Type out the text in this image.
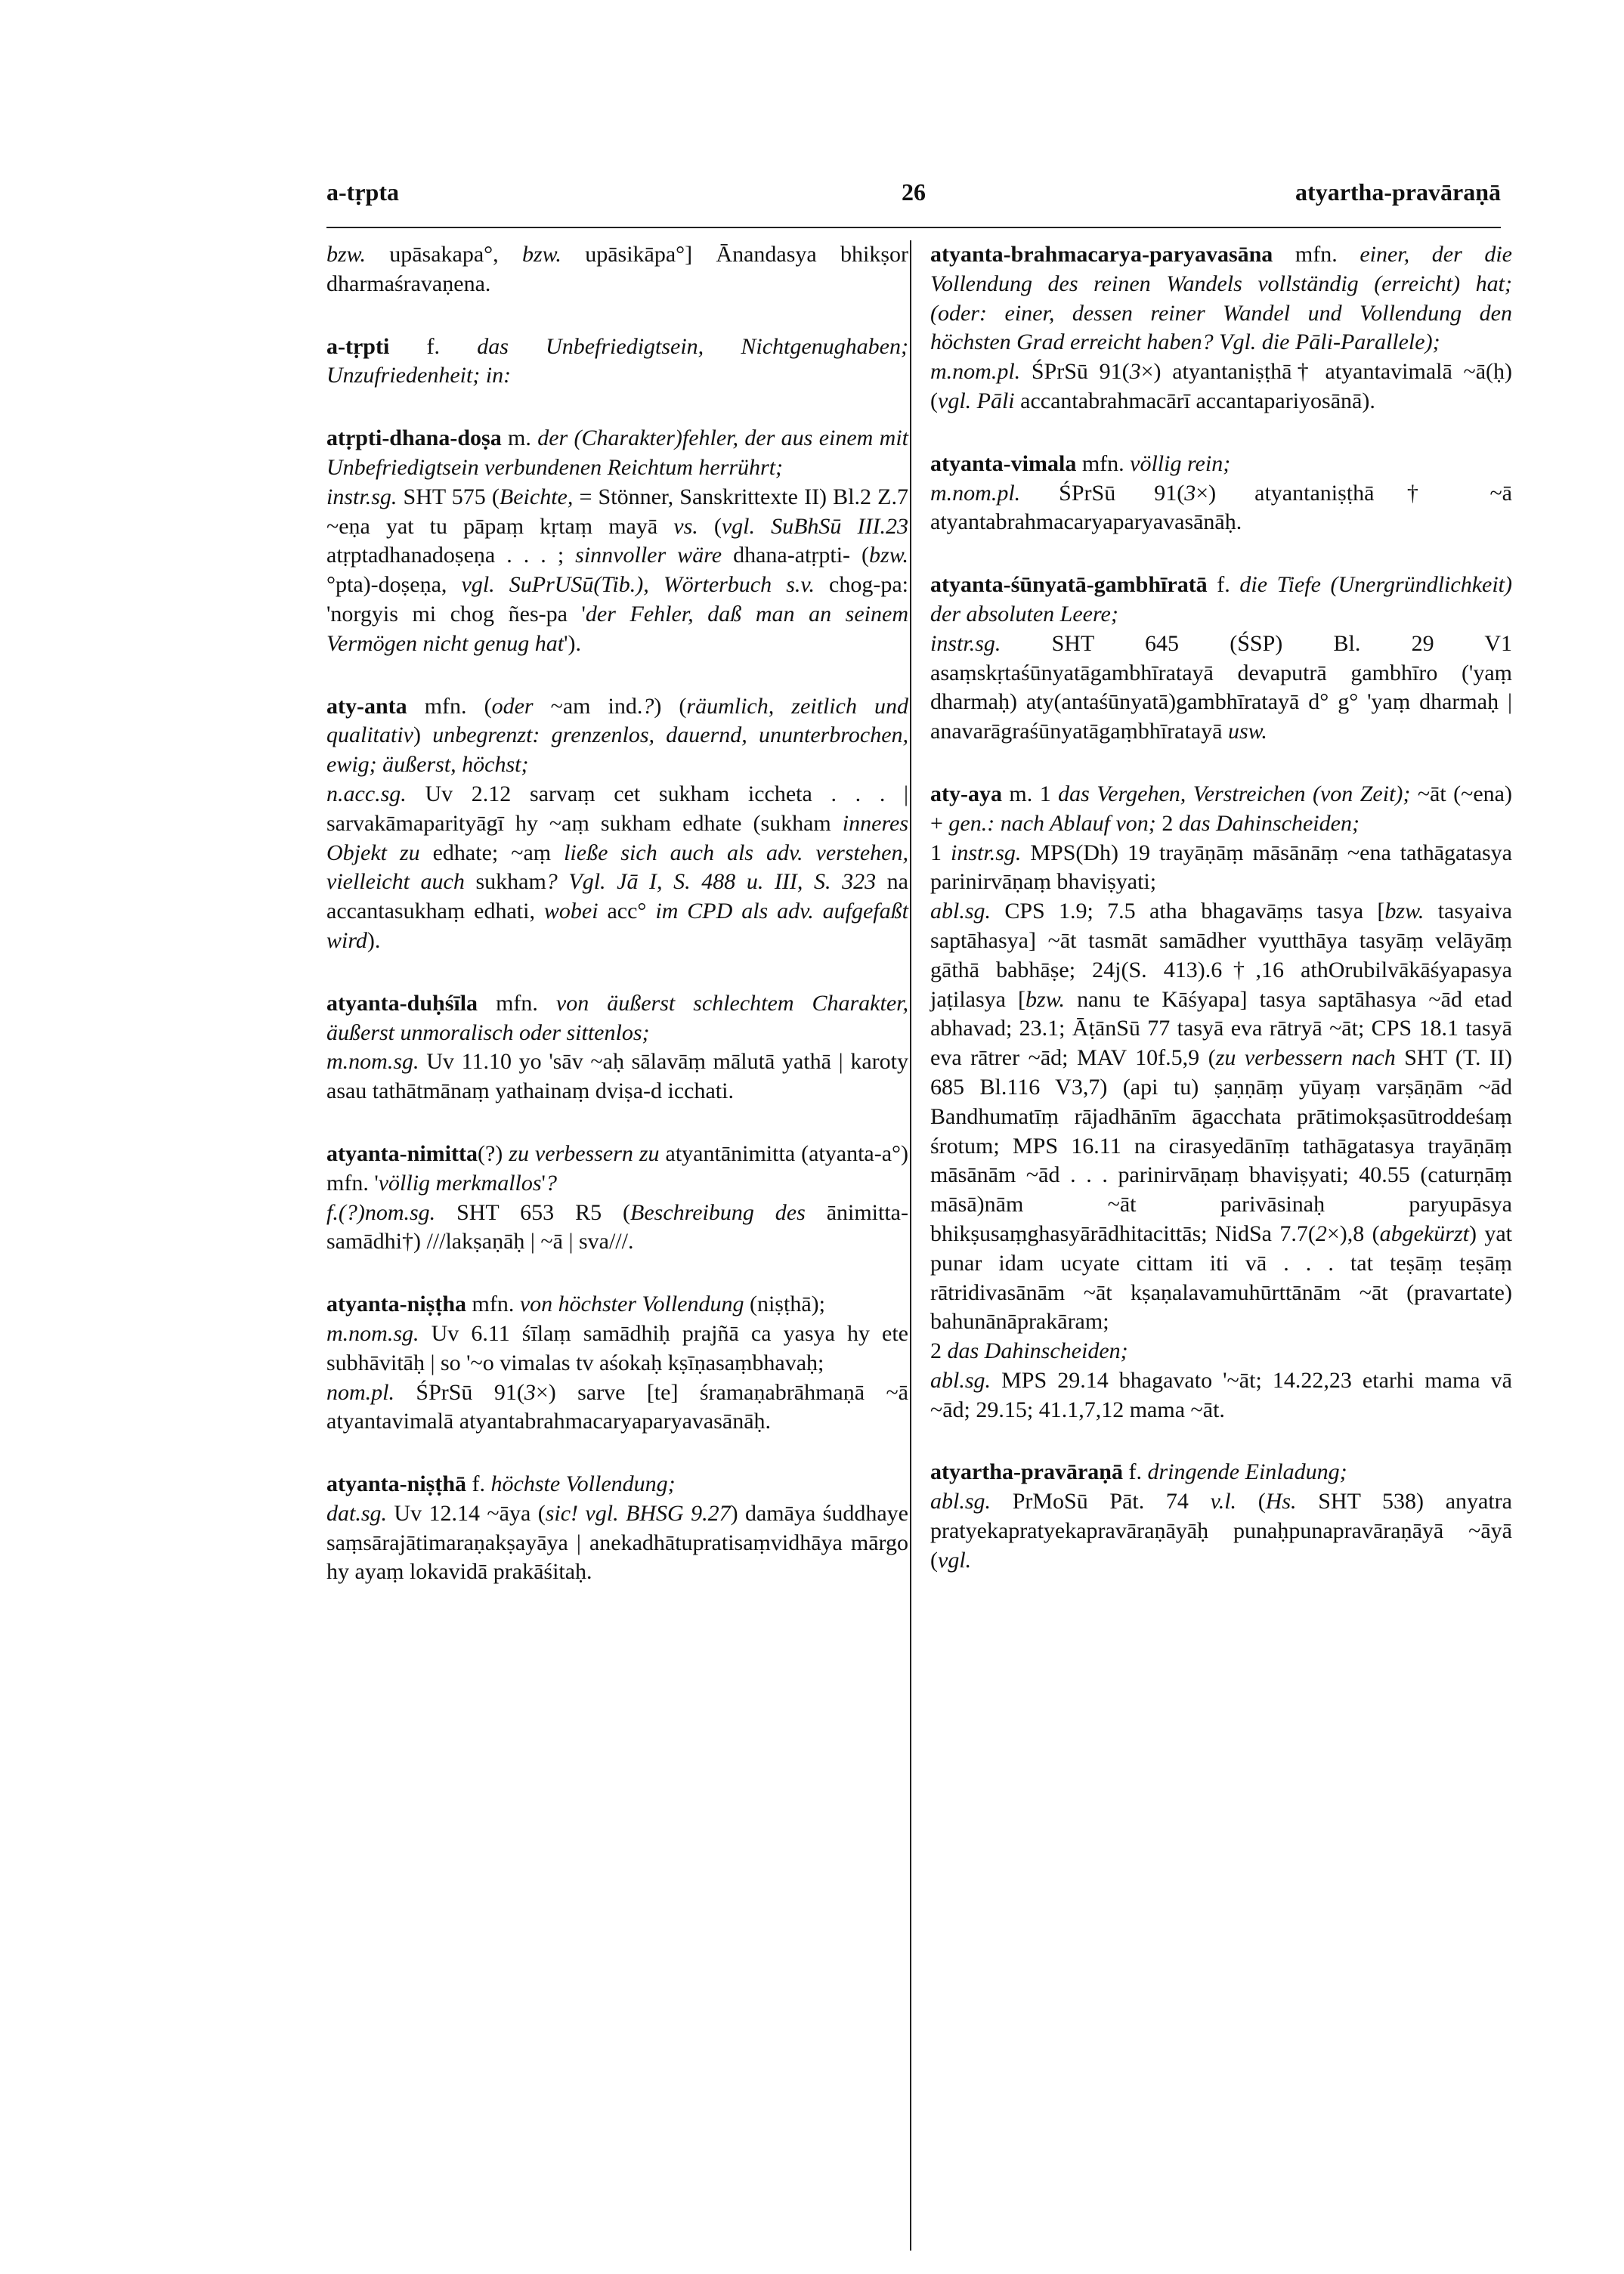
a-tṛpta	26	atyartha-pravāraṇā

bzw. upāsakapa°, bzw. upāsikāpa°] Ānandasya bhikṣor dharmaśravaṇena.

a-tṛpti f. das Unbefriedigtsein, Nichtgenughaben; Unzufriedenheit; in:

atṛpti-dhana-doṣa m. der (Charakter)fehler, der aus einem mit Unbefriedigtsein verbundenen Reichtum herrührt;

instr.sg. SHT 575 (Beichte, = Stönner, Sanskrittexte II) Bl.2 Z.7 ~eṇa yat tu pāpaṃ kṛtaṃ mayā vs. (vgl. SuBhSū III.23 atṛptadhanadoṣeṇa . . . ; sinnvoller wäre dhana-atṛpti- (bzw. °pta)-doṣeṇa, vgl. SuPrUSū(Tib.), Wörterbuch s.v. chog-pa: 'norgyis mi chog ñes-pa 'der Fehler, daß man an seinem Vermögen nicht genug hat').

aty-anta mfn. (oder ~am ind.?) (räumlich, zeitlich und qualitativ) unbegrenzt: grenzenlos, dauernd, ununterbrochen, ewig; äußerst, höchst;

n.acc.sg. Uv 2.12 sarvaṃ cet sukham iccheta . . . | sarvakāmaparityāgī hy ~aṃ sukham edhate (sukham inneres Objekt zu edhate; ~aṃ ließe sich auch als adv. verstehen, vielleicht auch sukham? Vgl. Jā I, S. 488 u. III, S. 323 na accantasukhaṃ edhati, wobei acc° im CPD als adv. aufgefaßt wird).

atyanta-duḥśīla mfn. von äußerst schlechtem Charakter, äußerst unmoralisch oder sittenlos;

m.nom.sg. Uv 11.10 yo 'sāv ~aḥ sālavāṃ mālutā yathā | karoty asau tathātmānaṃ yathainaṃ dviṣa-d icchati.

atyanta-nimitta(?) zu verbessern zu atyantānimitta (atyanta-a°) mfn. 'völlig merkmallos'?

f.(?)nom.sg. SHT 653 R5 (Beschreibung des ānimitta-samādhi†) ///lakṣaṇāḥ | ~ā | sva///.

atyanta-niṣṭha mfn. von höchster Vollendung (niṣṭhā);

m.nom.sg. Uv 6.11 śīlaṃ samādhiḥ prajñā ca yasya hy ete subhāvitāḥ | so '~o vimalas tv aśokaḥ kṣīṇasaṃbhavaḥ;

nom.pl. ŚPrSū 91(3×) sarve [te] śramaṇabrāhmaṇā ~ā atyantavimalā atyantabrahmacaryaparyavasānāḥ.

atyanta-niṣṭhā f. höchste Vollendung;

dat.sg. Uv 12.14 ~āya (sic! vgl. BHSG 9.27) damāya śuddhaye saṃsārajātimaraṇakṣayāya | anekadhātupratisaṃvidhāya mārgo hy ayaṃ lokavidā prakāśitaḥ.

atyanta-brahmacarya-paryavasāna mfn. einer, der die Vollendung des reinen Wandels vollständig (erreicht) hat; (oder: einer, dessen reiner Wandel und Vollendung den höchsten Grad erreicht haben? Vgl. die Pāli-Parallele);

m.nom.pl. ŚPrSū 91(3×) atyantaniṣṭhā† atyantavimalā ~ā(ḥ) (vgl. Pāli accantabrahmacārī accantapariyosānā).

atyanta-vimala mfn. völlig rein;

m.nom.pl. ŚPrSū 91(3×) atyantaniṣṭhā† ~ā atyantabrahmacaryaparyavasānāḥ.

atyanta-śūnyatā-gambhīratā f. die Tiefe (Unergründlichkeit) der absoluten Leere;

instr.sg. SHT 645 (ŚSP) Bl. 29 V1 asaṃskṛtaśūnyatāgambhīratayā devaputrā gambhīro ('yaṃ dharmaḥ) aty(antaśūnyatā)gambhīratayā d° g° 'yaṃ dharmaḥ | anavarāgraśūnyatāgaṃbhīratayā usw.

aty-aya m. 1 das Vergehen, Verstreichen (von Zeit); ~āt (~ena) + gen.: nach Ablauf von; 2 das Dahinscheiden;

1 instr.sg. MPS(Dh) 19 trayāṇāṃ māsānāṃ ~ena tathāgatasya parinirvāṇaṃ bhaviṣyati;

abl.sg. CPS 1.9; 7.5 atha bhagavāṃs tasya [bzw. tasyaiva saptāhasya] ~āt tasmāt samādher vyutthāya tasyāṃ velāyāṃ gāthā babhāṣe; 24j(S. 413).6†,16 athOrubilvākāśyapasya jaṭilasya [bzw. nanu te Kāśyapa] tasya saptāhasya ~ād etad abhavad; 23.1; ĀṭānSū 77 tasyā eva rātryā ~āt; CPS 18.1 tasyā eva rātrer ~ād; MAV 10f.5,9 (zu verbessern nach SHT (T. II) 685 Bl.116 V3,7) (api tu) ṣaṇṇāṃ yūyaṃ varṣāṇām ~ād Bandhumatīṃ rājadhānīm āgacchata prātimokṣasūtroddeśaṃ śrotum; MPS 16.11 na cirasyedānīṃ tathāgatasya trayāṇāṃ māsānām ~ād . . . parinirvāṇaṃ bhaviṣyati; 40.55 (caturṇāṃ māsā)nām ~āt parivāsinaḥ paryupāsya bhikṣusaṃghasyārādhitacittās; NidSa 7.7(2×),8 (abgekürzt) yat punar idam ucyate cittam iti vā . . . tat teṣāṃ teṣāṃ rātridivasānām ~āt kṣaṇalavamuhūrttānām ~āt (pravartate) bahunānāprakāram;

2 das Dahinscheiden;

abl.sg. MPS 29.14 bhagavato '~āt; 14.22,23 etarhi mama vā ~ād; 29.15; 41.1,7,12 mama ~āt.

atyartha-pravāraṇā f. dringende Einladung;

abl.sg. PrMoSū Pāt. 74 v.l. (Hs. SHT 538) anyatra pratyekapratyekapravāraṇāyāḥ punaḥpunapravāraṇāyā ~āyā (vgl.
